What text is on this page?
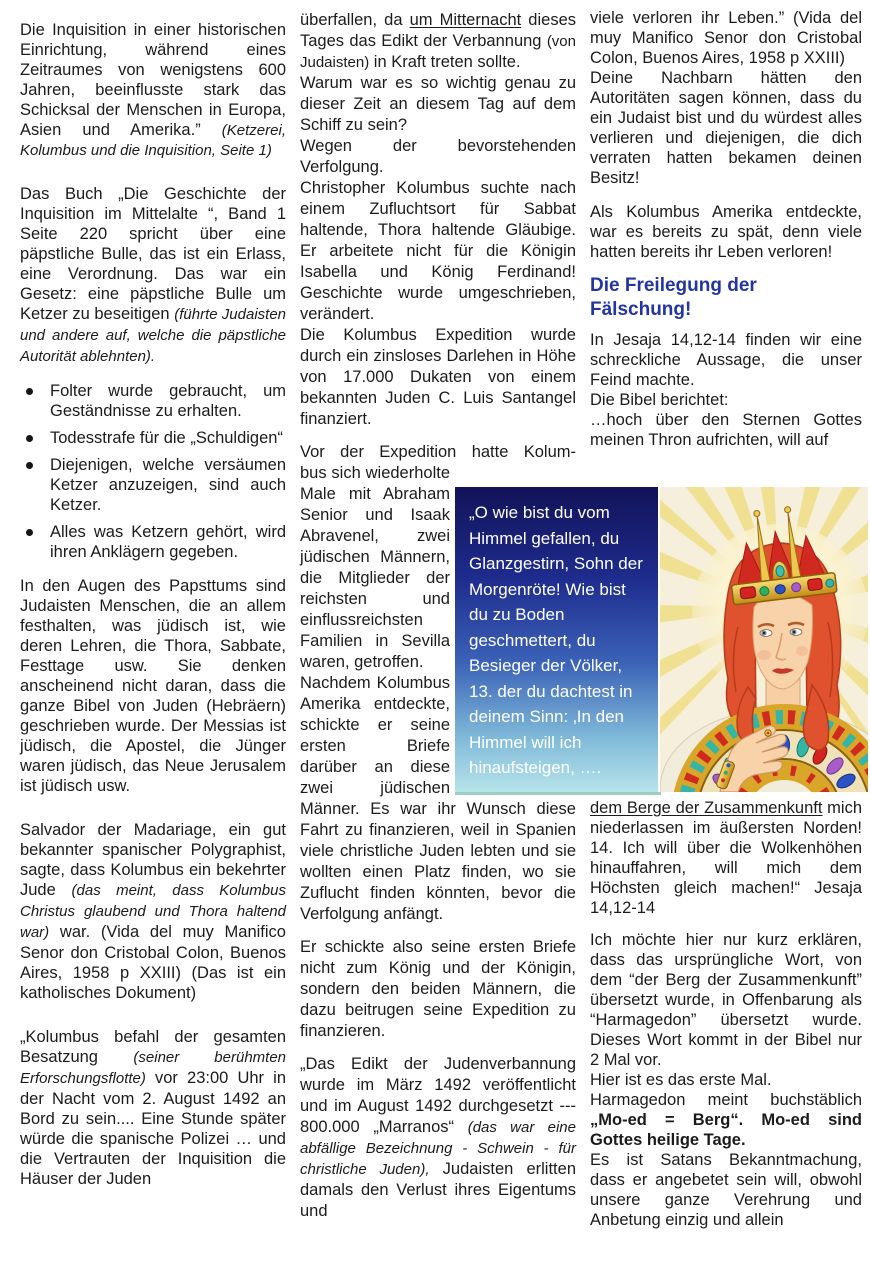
Die Inquisition in einer historischen Einrichtung, während eines Zeitraumes von wenigstens 600 Jahren, beeinflusste stark das Schicksal der Menschen in Europa, Asien und Amerika.” (Ketzerei, Kolumbus und die Inquisition, Seite 1)

Das Buch „Die Geschichte der Inquisition im Mittelalte “, Band 1 Seite 220 spricht über eine päpstliche Bulle, das ist ein Erlass, eine Verordnung. Das war ein Gesetz: eine päpstliche Bulle um Ketzer zu beseitigen (führte Judaisten und andere auf, welche die päpstliche Autorität ablehnten).

Folter wurde gebraucht, um Geständnisse zu erhalten.
Todesstrafe für die „Schuldigen“
Diejenigen, welche versäumen Ketzer anzuzeigen, sind auch Ketzer.
Alles was Ketzern gehört, wird ihren Anklägern gegeben.

In den Augen des Papsttums sind Judaisten Menschen, die an allem festhalten, was jüdisch ist, wie deren Lehren, die Thora, Sabbate, Festtage usw. Sie denken anscheinend nicht daran, dass die ganze Bibel von Juden (Hebräern) geschrieben wurde. Der Messias ist jüdisch, die Apostel, die Jünger waren jüdisch, das Neue Jerusalem ist jüdisch usw.

Salvador der Madariage, ein gut bekannter spanischer Polygraphist, sagte, dass Kolumbus ein bekehrter Jude (das meint, dass Kolumbus Christus glaubend und Thora haltend war) war. (Vida del muy Manifico Senor don Cristobal Colon, Buenos Aires, 1958 p XXIII) (Das ist ein katholisches Dokument)

„Kolumbus befahl der gesamten Besatzung (seiner berühmten Erforschungsflotte) vor 23:00 Uhr in der Nacht vom 2. August 1492 an Bord zu sein.... Eine Stunde später würde die spanische Polizei … und die Vertrauten der Inquisition die Häuser der Juden

überfallen, da um Mitternacht dieses Tages das Edikt der Verbannung (von Judaisten) in Kraft treten sollte.

Warum war es so wichtig genau zu dieser Zeit an diesem Tag auf dem Schiff zu sein?

Wegen der bevorstehenden Verfolgung.

Christopher Kolumbus suchte nach einem Zufluchtsort für Sabbat haltende, Thora haltende Gläubige. Er arbeitete nicht für die Königin Isabella und König Ferdinand! Geschichte wurde umgeschrieben, verändert.

Die Kolumbus Expedition wurde durch ein zinsloses Darlehen in Höhe von 17.000 Dukaten von einem bekannten Juden C. Luis Santangel finanziert.

Vor der Expedition hatte Kolum-

bus sich wiederholte Male mit Abraham Senior und Isaak Abravenel, zwei jüdischen Männern, die Mitglieder der reichsten und einflussreichsten Familien in Sevilla waren, getroffen.

Nachdem Kolumbus Amerika entdeckte, schickte er seine ersten Briefe darüber an diese zwei jüdischen Männer. Es war ihr Wunsch diese Fahrt zu finanzieren, weil in Spanien viele christliche Juden lebten und sie wollten einen Platz finden, wo sie Zuflucht finden könnten, bevor die Verfolgung anfängt.

Er schickte also seine ersten Briefe nicht zum König und der Königin, sondern den beiden Männern, die dazu beitrugen seine Expedition zu finanzieren.

„Das Edikt der Judenverbannung wurde im März 1492 veröffentlicht und im August 1492 durchgesetzt --- 800.000 „Marranos“ (das war eine abfällige Bezeichnung - Schwein - für christliche Juden), Judaisten erlitten damals den Verlust ihres Eigentums und

viele verloren ihr Leben.” (Vida del muy Manifico Senor don Cristobal Colon, Buenos Aires, 1958 p XXIII)

Deine Nachbarn hätten den Autoritäten sagen können, dass du ein Judaist bist und du würdest alles verlieren und diejenigen, die dich verraten hatten bekamen deinen Besitz!

Als Kolumbus Amerika entdeckte, war es bereits zu spät, denn viele hatten bereits ihr Leben verloren!

Die Freilegung der Fälschung!

In Jesaja 14,12-14 finden wir eine schreckliche Aussage, die unser Feind machte.

Die Bibel berichtet:

…hoch über den Sternen Gottes meinen Thron aufrichten, will auf

dem Berge der Zusammenkunft mich niederlassen im äußersten Norden! 14. Ich will über die Wolkenhöhen hinauffahren, will mich dem Höchsten gleich machen!“ Jesaja 14,12-14

Ich möchte hier nur kurz erklären, dass das ursprüngliche Wort, von dem “der Berg der Zusammenkunft” übersetzt wurde, in Offenbarung als “Harmagedon” übersetzt wurde. Dieses Wort kommt in der Bibel nur 2 Mal vor.

Hier ist es das erste Mal.

Harmagedon meint buchstäblich „Mo-ed = Berg“. Mo-ed sind Gottes heilige Tage.

Es ist Satans Bekanntmachung, dass er angebetet sein will, obwohl unsere ganze Verehrung und Anbetung einzig und allein

„O wie bist du vom Himmel gefallen, du Glanzgestirn, Sohn der Morgenröte! Wie bist du zu Boden geschmettert, du Besieger der Völker, 13. der du dachtest in deinem Sinn: ‚In den Himmel will ich hinaufsteigen, ….
